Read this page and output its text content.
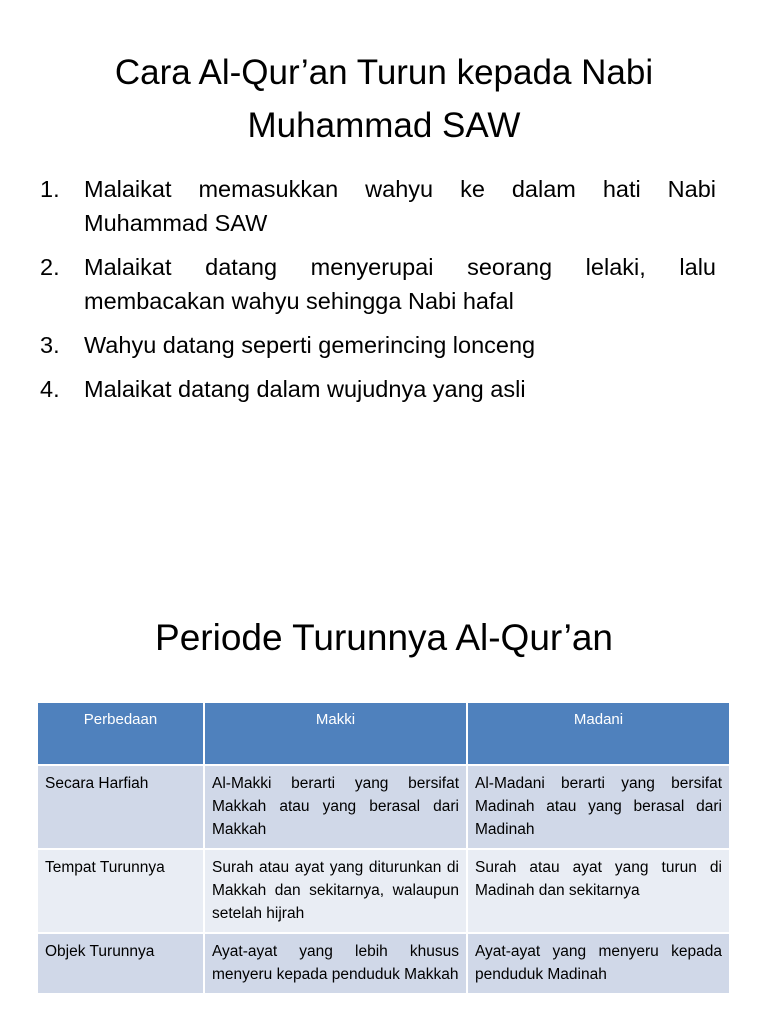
Cara Al-Qur’an Turun kepada Nabi
Muhammad SAW
1. Malaikat memasukkan wahyu ke dalam hati Nabi Muhammad SAW
2. Malaikat datang menyerupai seorang lelaki, lalu membacakan wahyu sehingga Nabi hafal
3. Wahyu datang seperti gemerincing lonceng
4. Malaikat datang dalam wujudnya yang asli
Periode Turunnya Al-Qur’an
Perbedaan	Makki	Madani
Secara Harfiah	Al-Makki berarti yang bersifat Makkah atau yang berasal dari Makkah	Al-Madani berarti yang bersifat Madinah atau yang berasal dari Madinah
Tempat Turunnya	Surah atau ayat yang diturunkan di Makkah dan sekitarnya, walaupun setelah hijrah	Surah atau ayat yang turun di Madinah dan sekitarnya
Objek Turunnya	Ayat-ayat yang lebih khusus menyeru kepada penduduk Makkah	Ayat-ayat yang menyeru kepada penduduk Madinah
